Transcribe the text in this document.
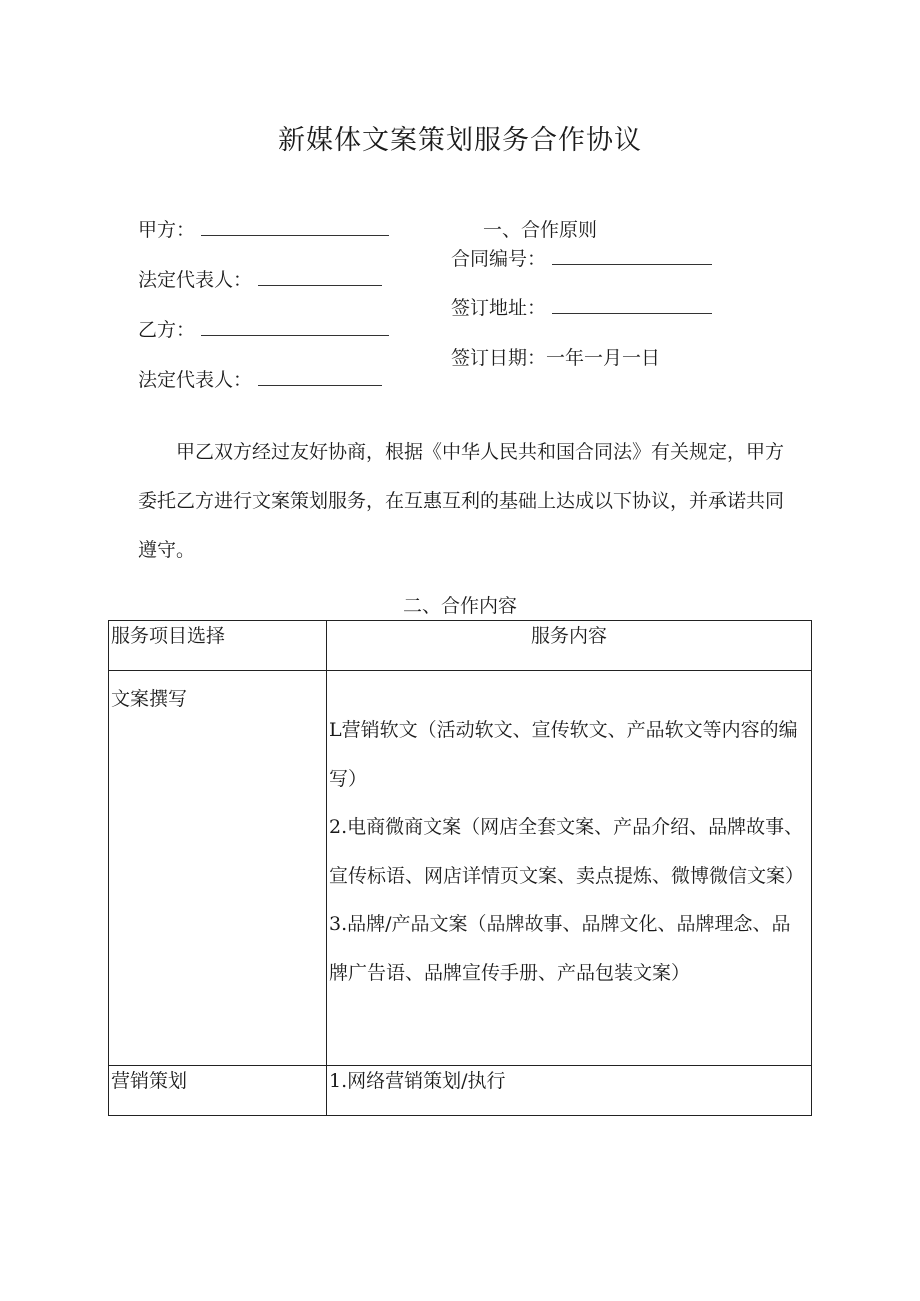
新媒体文案策划服务合作协议
甲方：
法定代表人：
乙方：
法定代表人：
一、合作原则
合同编号：
签订地址：
签订日期：一年一月一日
甲乙双方经过友好协商，根据《中华人民共和国合同法》有关规定，甲方委托乙方进行文案策划服务，在互惠互利的基础上达成以下协议，并承诺共同遵守。
二、合作内容
服务项目选择	服务内容
文案撰写	L营销软文（活动软文、宣传软文、产品软文等内容的编写）
2.电商微商文案（网店全套文案、产品介绍、品牌故事、宣传标语、网店详情页文案、卖点提炼、微博微信文案）
3.品牌/产品文案（品牌故事、品牌文化、品牌理念、品牌广告语、品牌宣传手册、产品包装文案）

营销策划	1.网络营销策划/执行
